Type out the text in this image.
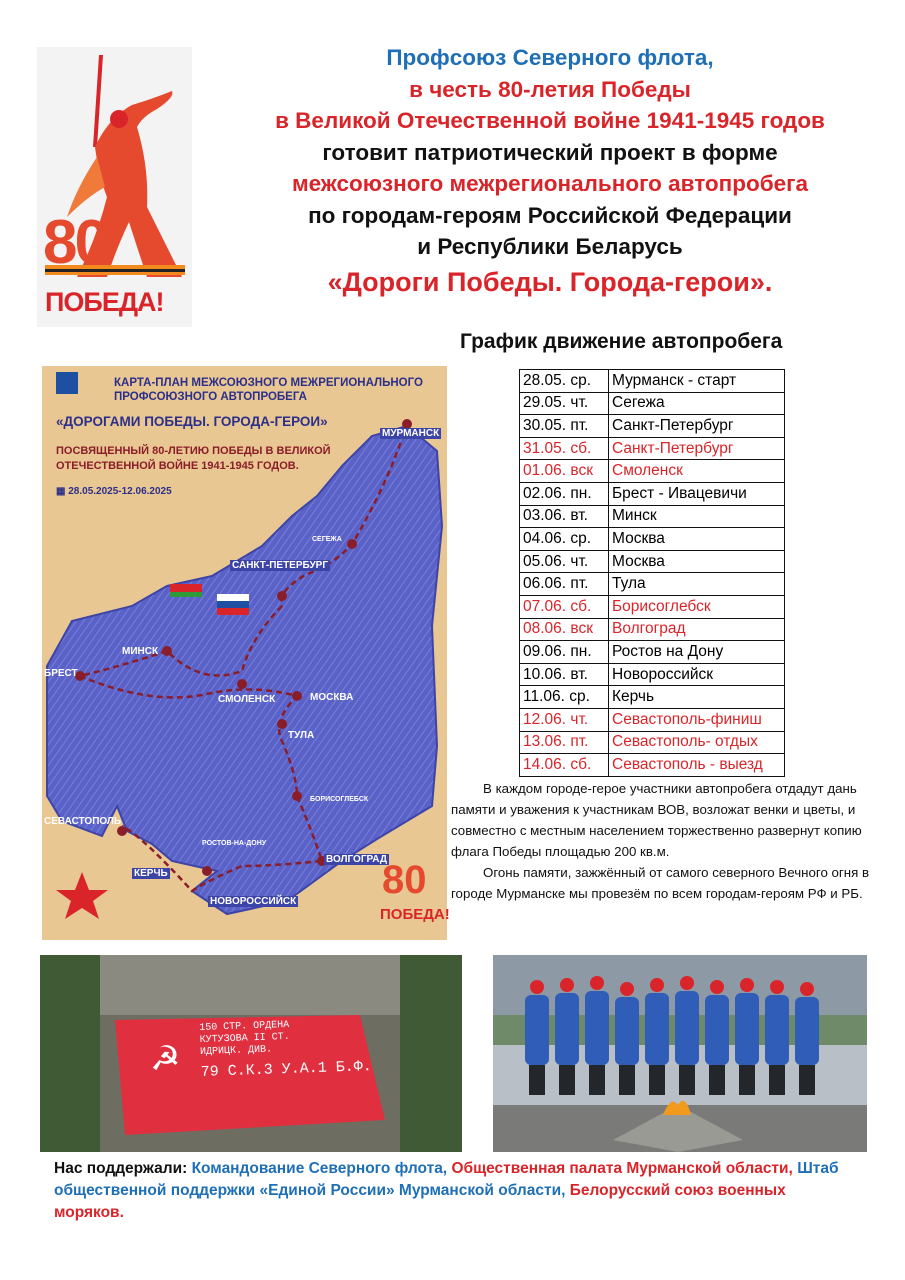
80
ПОБЕДА!
Профсоюз Северного флота,
в честь 80-летия Победы
в Великой Отечественной войне 1941-1945 годов
готовит патриотический проект в форме
межсоюзного межрегионального автопробега
по городам-героям Российской Федерации
и Республики Беларусь
«Дороги Победы. Города-герои».
График движение автопробега
28.05. ср.	Мурманск - старт
29.05. чт.	Сегежа
30.05. пт.	Санкт-Петербург
31.05. сб.	Санкт-Петербург
01.06. вск	Смоленск
02.06. пн.	Брест - Ивацевичи
03.06. вт.	Минск
04.06. ср.	Москва
05.06. чт.	Москва
06.06. пт.	Тула
07.06. сб.	Борисоглебск
08.06. вск	Волгоград
09.06. пн.	Ростов на Дону
10.06. вт.	Новороссийск
11.06. ср.	Керчь
12.06. чт.	Севастополь-финиш
13.06. пт.	Севастополь- отдых
14.06. сб.	Севастополь - выезд
КАРТА-ПЛАН МЕЖСОЮЗНОГО МЕЖРЕГИОНАЛЬНОГО
ПРОФСОЮЗНОГО АВТОПРОБЕГА
«ДОРОГАМИ ПОБЕДЫ. ГОРОДА-ГЕРОИ»
ПОСВЯЩЕННЫЙ 80-ЛЕТИЮ ПОБЕДЫ В ВЕЛИКОЙ
ОТЕЧЕСТВЕННОЙ ВОЙНЕ 1941-1945 ГОДОВ.
▦ 28.05.2025-12.06.2025
МУРМАНСК
СЕГЕЖА
САНКТ-ПЕТЕРБУРГ
МИНСК
БРЕСТ
СМОЛЕНСК	МОСКВА
ТУЛА
БОРИСОГЛЕБСК
СЕВАСТОПОЛЬ
РОСТОВ-НА-ДОНУ
ВОЛГОГРАД
КЕРЧЬ
НОВОРОССИЙСК 80
ПОБЕДА!

В каждом городе-герое участники автопробега отдадут дань памяти и уважения к участникам ВОВ, возложат венки и цветы, и совместно с местным населением торжественно развернут копию флага Победы площадью 200 кв.м.

Огонь памяти, зажжённый от самого северного Вечного огня в городе Мурманске мы провезём по всем городам-героям РФ и РБ.

☭
150 СТР. ОРДЕНА
КУТУЗОВА II СТ.
ИДРИЦК. ДИВ.
79 С.К.3 У.А.1 Б.Ф.
Нас поддержали: Командование Северного флота, Общественная палата Мурманской области, Штаб общественной поддержки «Единой России» Мурманской области, Белорусский союз военных моряков.
